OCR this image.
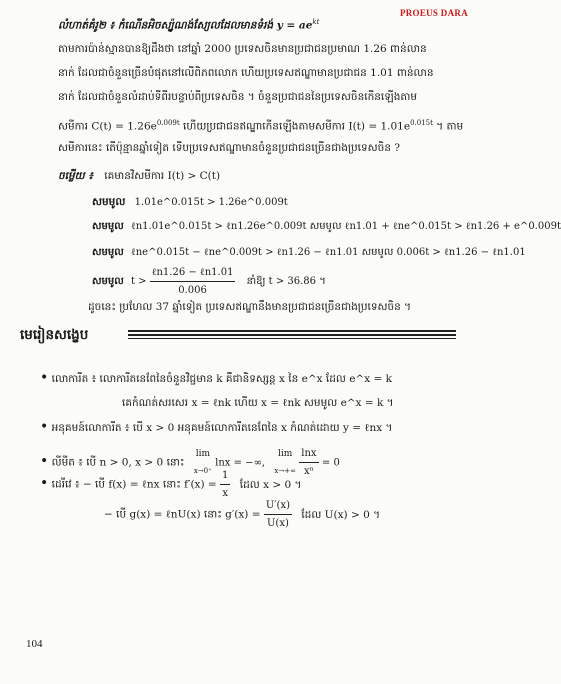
PROEUS DARA
លំហាត់គំរូ២ ៖ កំណើនអិចស្ប៉ូណង់ស្យែលដែលមានទំរង់ $y = ae^{kt}$
តាមការប៉ាន់ស្មានបានឱ្យដឹងថា នៅឆ្នាំ 2000 ប្រទេសចិនមានប្រជាជនប្រមាណ 1.26 ពាន់លាន
នាក់ ដែលជាចំនួនច្រើនបំផុតនៅលើពិភពលោក ហើយប្រទេសឥណ្ឌាមានប្រជាជន 1.01 ពាន់លាន
នាក់ ដែលជាចំនួនលំដាប់ទីពីរបន្ទាប់ពីប្រទេសចិន ។ ចំនួនប្រជាជននៃប្រទេសចិនកើនឡើងតាម
សមីការ $C(t) = 1.26e^{0.009t}$ ហើយប្រជាជនឥណ្ឌាកើនឡើងតាមសមីការ $I(t) = 1.01e^{0.015t}$ ។ តាម
សមីការនេះ តើប៉ុន្មានឆ្នាំទៀត ទើបប្រទេសឥណ្ឌាមានចំនួនប្រជាជនច្រើនជាងប្រទេសចិន ?
ចម្លើយ ៖ គេមានវិសមីការ I(t) > C(t)
សមមូល 1.01e^0.015t > 1.26e^0.009t
សមមូល ℓn1.01e^0.015t > ℓn1.26e^0.009t សមមូល ℓn1.01 + ℓne^0.015t > ℓn1.26 + e^0.009t
សមមូល ℓne^0.015t − ℓne^0.009t > ℓn1.26 − ℓn1.01 សមមូល 0.006t > ℓn1.26 − ℓn1.01
សមមូល $t > \frac{\text{ℓn1.26 − ℓn1.01}}{0.006}$ នាំឱ្យ t > 36.86 ។
ដូចនេះ ប្រហែល 37 ឆ្នាំទៀត ប្រទេសឥណ្ឌានឹងមានប្រជាជនច្រើនជាងប្រទេសចិន ។
មេរៀនសង្ខេប
• លោការីត ៖ លោការីតនេពែនៃចំនួនវិជ្ជមាន k គឺជានិទស្សន្ត x នៃ e^x ដែល e^x = k
គេកំណត់សរសេរ x = ℓnk ហើយ x = ℓnk សមមូល e^x = k ។
• អនុគមន៍លោការីត ៖ បើ x > 0 អនុគមន៍លោការីតនេពែនៃ x កំណត់ដោយ y = ℓnx ។
• លីមីត ៖ បើ n > 0, x > 0 នោះ
lim
x→0⁺
lnx = −∞,
lim
x→+∞
$\frac{\ln x}{\text{xⁿ}} = 0$
• ដេរីវេ ៖ − បើ f(x) = ℓnx នោះ $f'(x) = \frac{1}{x}$ ដែល x > 0 ។
− បើ g(x) = ℓnU(x) នោះ $g'(x) = \frac{U'(x)}{U(x)}$ ដែល U(x) > 0 ។
104
